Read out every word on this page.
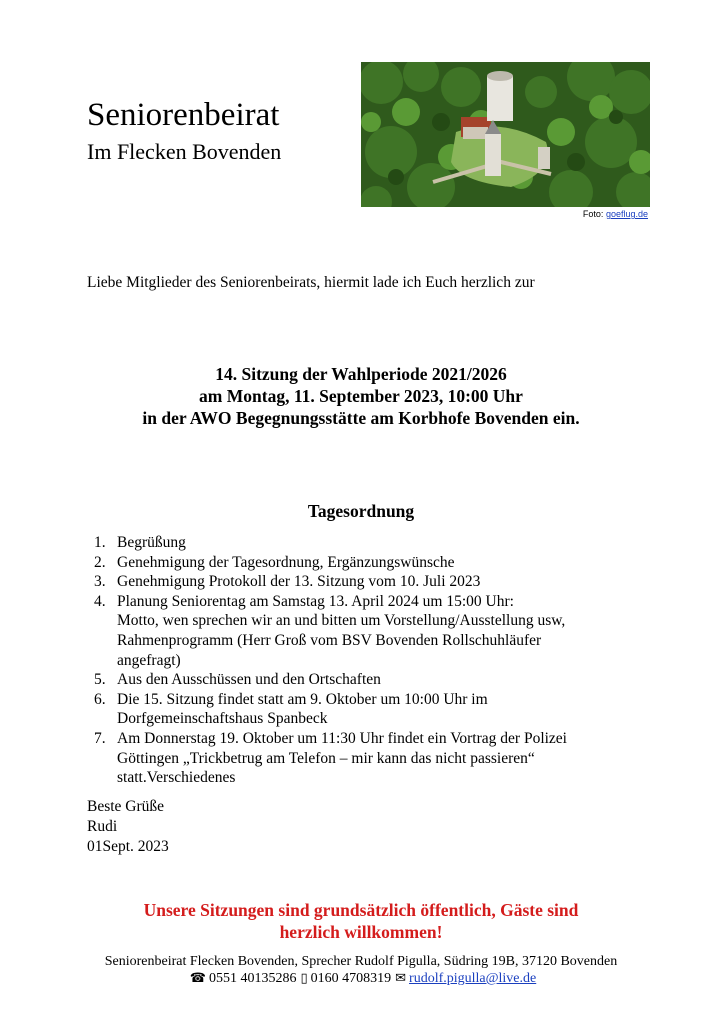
Seniorenbeirat
Im Flecken Bovenden
Foto: goeflug.de
Liebe Mitglieder des Seniorenbeirats, hiermit lade ich Euch herzlich zur
14. Sitzung der Wahlperiode 2021/2026
am Montag, 11. September 2023, 10:00 Uhr
in der AWO Begegnungsstätte am Korbhofe Bovenden ein.
Tagesordnung
1. Begrüßung
2. Genehmigung der Tagesordnung, Ergänzungswünsche
3. Genehmigung Protokoll der 13. Sitzung vom 10. Juli 2023
4. Planung Seniorentag am Samstag 13. April 2024 um 15:00 Uhr:
Motto, wen sprechen wir an und bitten um Vorstellung/Ausstellung usw,
Rahmenprogramm (Herr Groß vom BSV Bovenden Rollschuhläufer
angefragt)
5. Aus den Ausschüssen und den Ortschaften
6. Die 15. Sitzung findet statt am 9. Oktober um 10:00 Uhr im
Dorfgemeinschaftshaus Spanbeck
7. Am Donnerstag 19. Oktober um 11:30 Uhr findet ein Vortrag der Polizei
Göttingen „Trickbetrug am Telefon – mir kann das nicht passieren“
statt.Verschiedenes
Beste Grüße
Rudi
01Sept. 2023
Unsere Sitzungen sind grundsätzlich öffentlich, Gäste sind
herzlich willkommen!
Seniorenbeirat Flecken Bovenden, Sprecher Rudolf Pigulla, Südring 19B, 37120 Bovenden
☎ 0551 40135286 ▯ 0160 4708319 ✉ rudolf.pigulla@live.de
